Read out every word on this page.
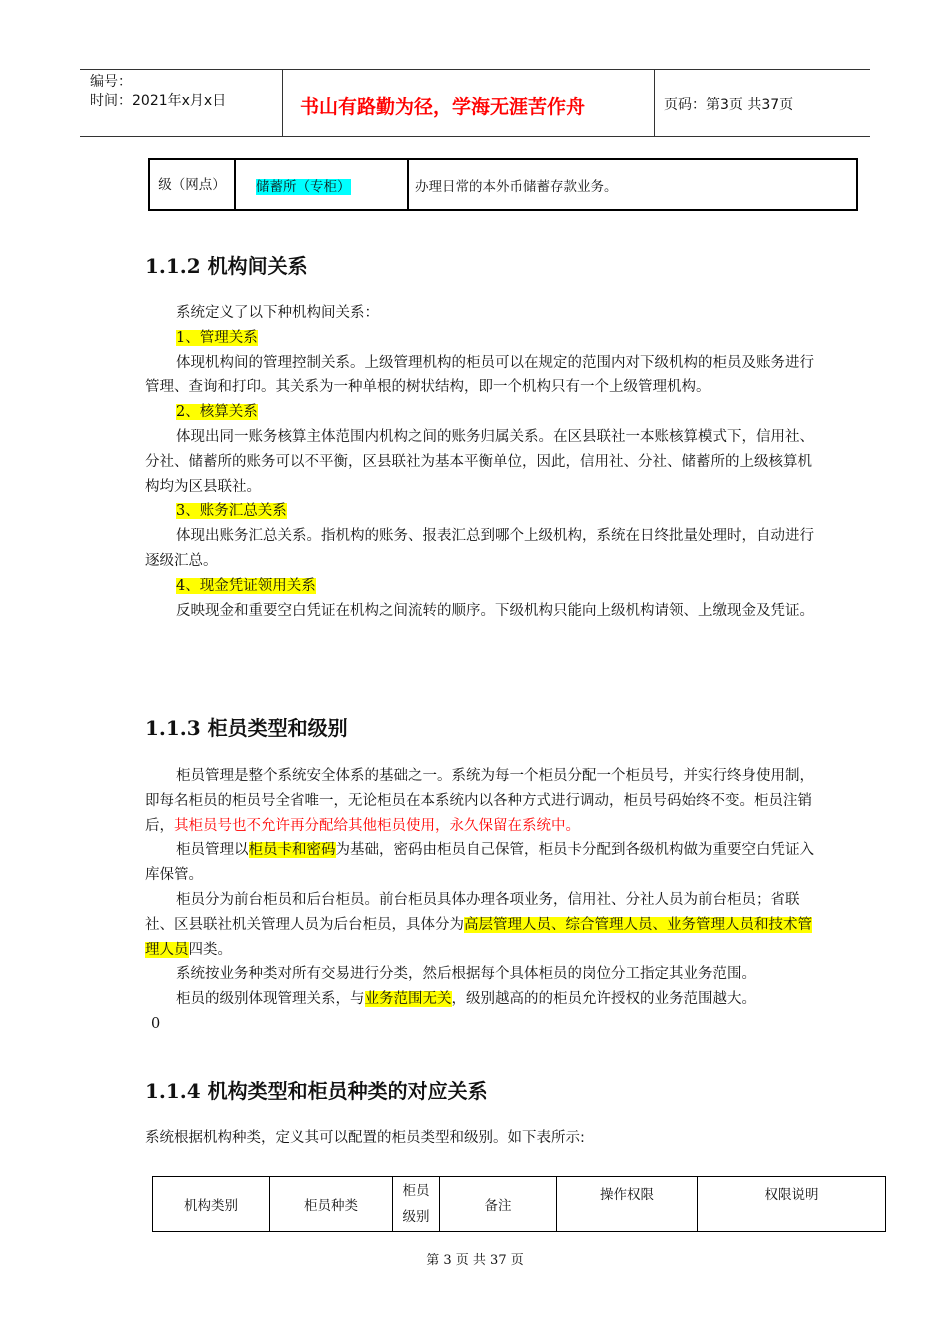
编号：
时间：2021年x月x日	书山有路勤为径，学海无涯苦作舟	页码：第3页 共37页
级（网点）	储蓄所（专柜）	办理日常的本外币储蓄存款业务。
1.1.2 机构间关系

系统定义了以下种机构间关系：

1、管理关系

体现机构间的管理控制关系。上级管理机构的柜员可以在规定的范围内对下级机构的柜员及账务进行管理、查询和打印。其关系为一种单根的树状结构，即一个机构只有一个上级管理机构。

2、核算关系

体现出同一账务核算主体范围内机构之间的账务归属关系。在区县联社一本账核算模式下，信用社、分社、储蓄所的账务可以不平衡，区县联社为基本平衡单位，因此，信用社、分社、储蓄所的上级核算机构均为区县联社。

3、账务汇总关系

体现出账务汇总关系。指机构的账务、报表汇总到哪个上级机构，系统在日终批量处理时，自动进行逐级汇总。

4、现金凭证领用关系

反映现金和重要空白凭证在机构之间流转的顺序。下级机构只能向上级机构请领、上缴现金及凭证。

1.1.3 柜员类型和级别

柜员管理是整个系统安全体系的基础之一。系统为每一个柜员分配一个柜员号，并实行终身使用制，即每名柜员的柜员号全省唯一，无论柜员在本系统内以各种方式进行调动，柜员号码始终不变。柜员注销后，其柜员号也不允许再分配给其他柜员使用，永久保留在系统中。

柜员管理以柜员卡和密码为基础，密码由柜员自己保管，柜员卡分配到各级机构做为重要空白凭证入库保管。

柜员分为前台柜员和后台柜员。前台柜员具体办理各项业务，信用社、分社人员为前台柜员；省联社、区县联社机关管理人员为后台柜员，具体分为高层管理人员、综合管理人员、业务管理人员和技术管理人员四类。

系统按业务种类对所有交易进行分类，然后根据每个具体柜员的岗位分工指定其业务范围。

柜员的级别体现管理关系，与业务范围无关，级别越高的的柜员允许授权的业务范围越大。

0

1.1.4 机构类型和柜员种类的对应关系

系统根据机构种类，定义其可以配置的柜员类型和级别。如下表所示:

机构类别	柜员种类	柜员级别	备注	操作权限	权限说明
第 3 页 共 37 页
